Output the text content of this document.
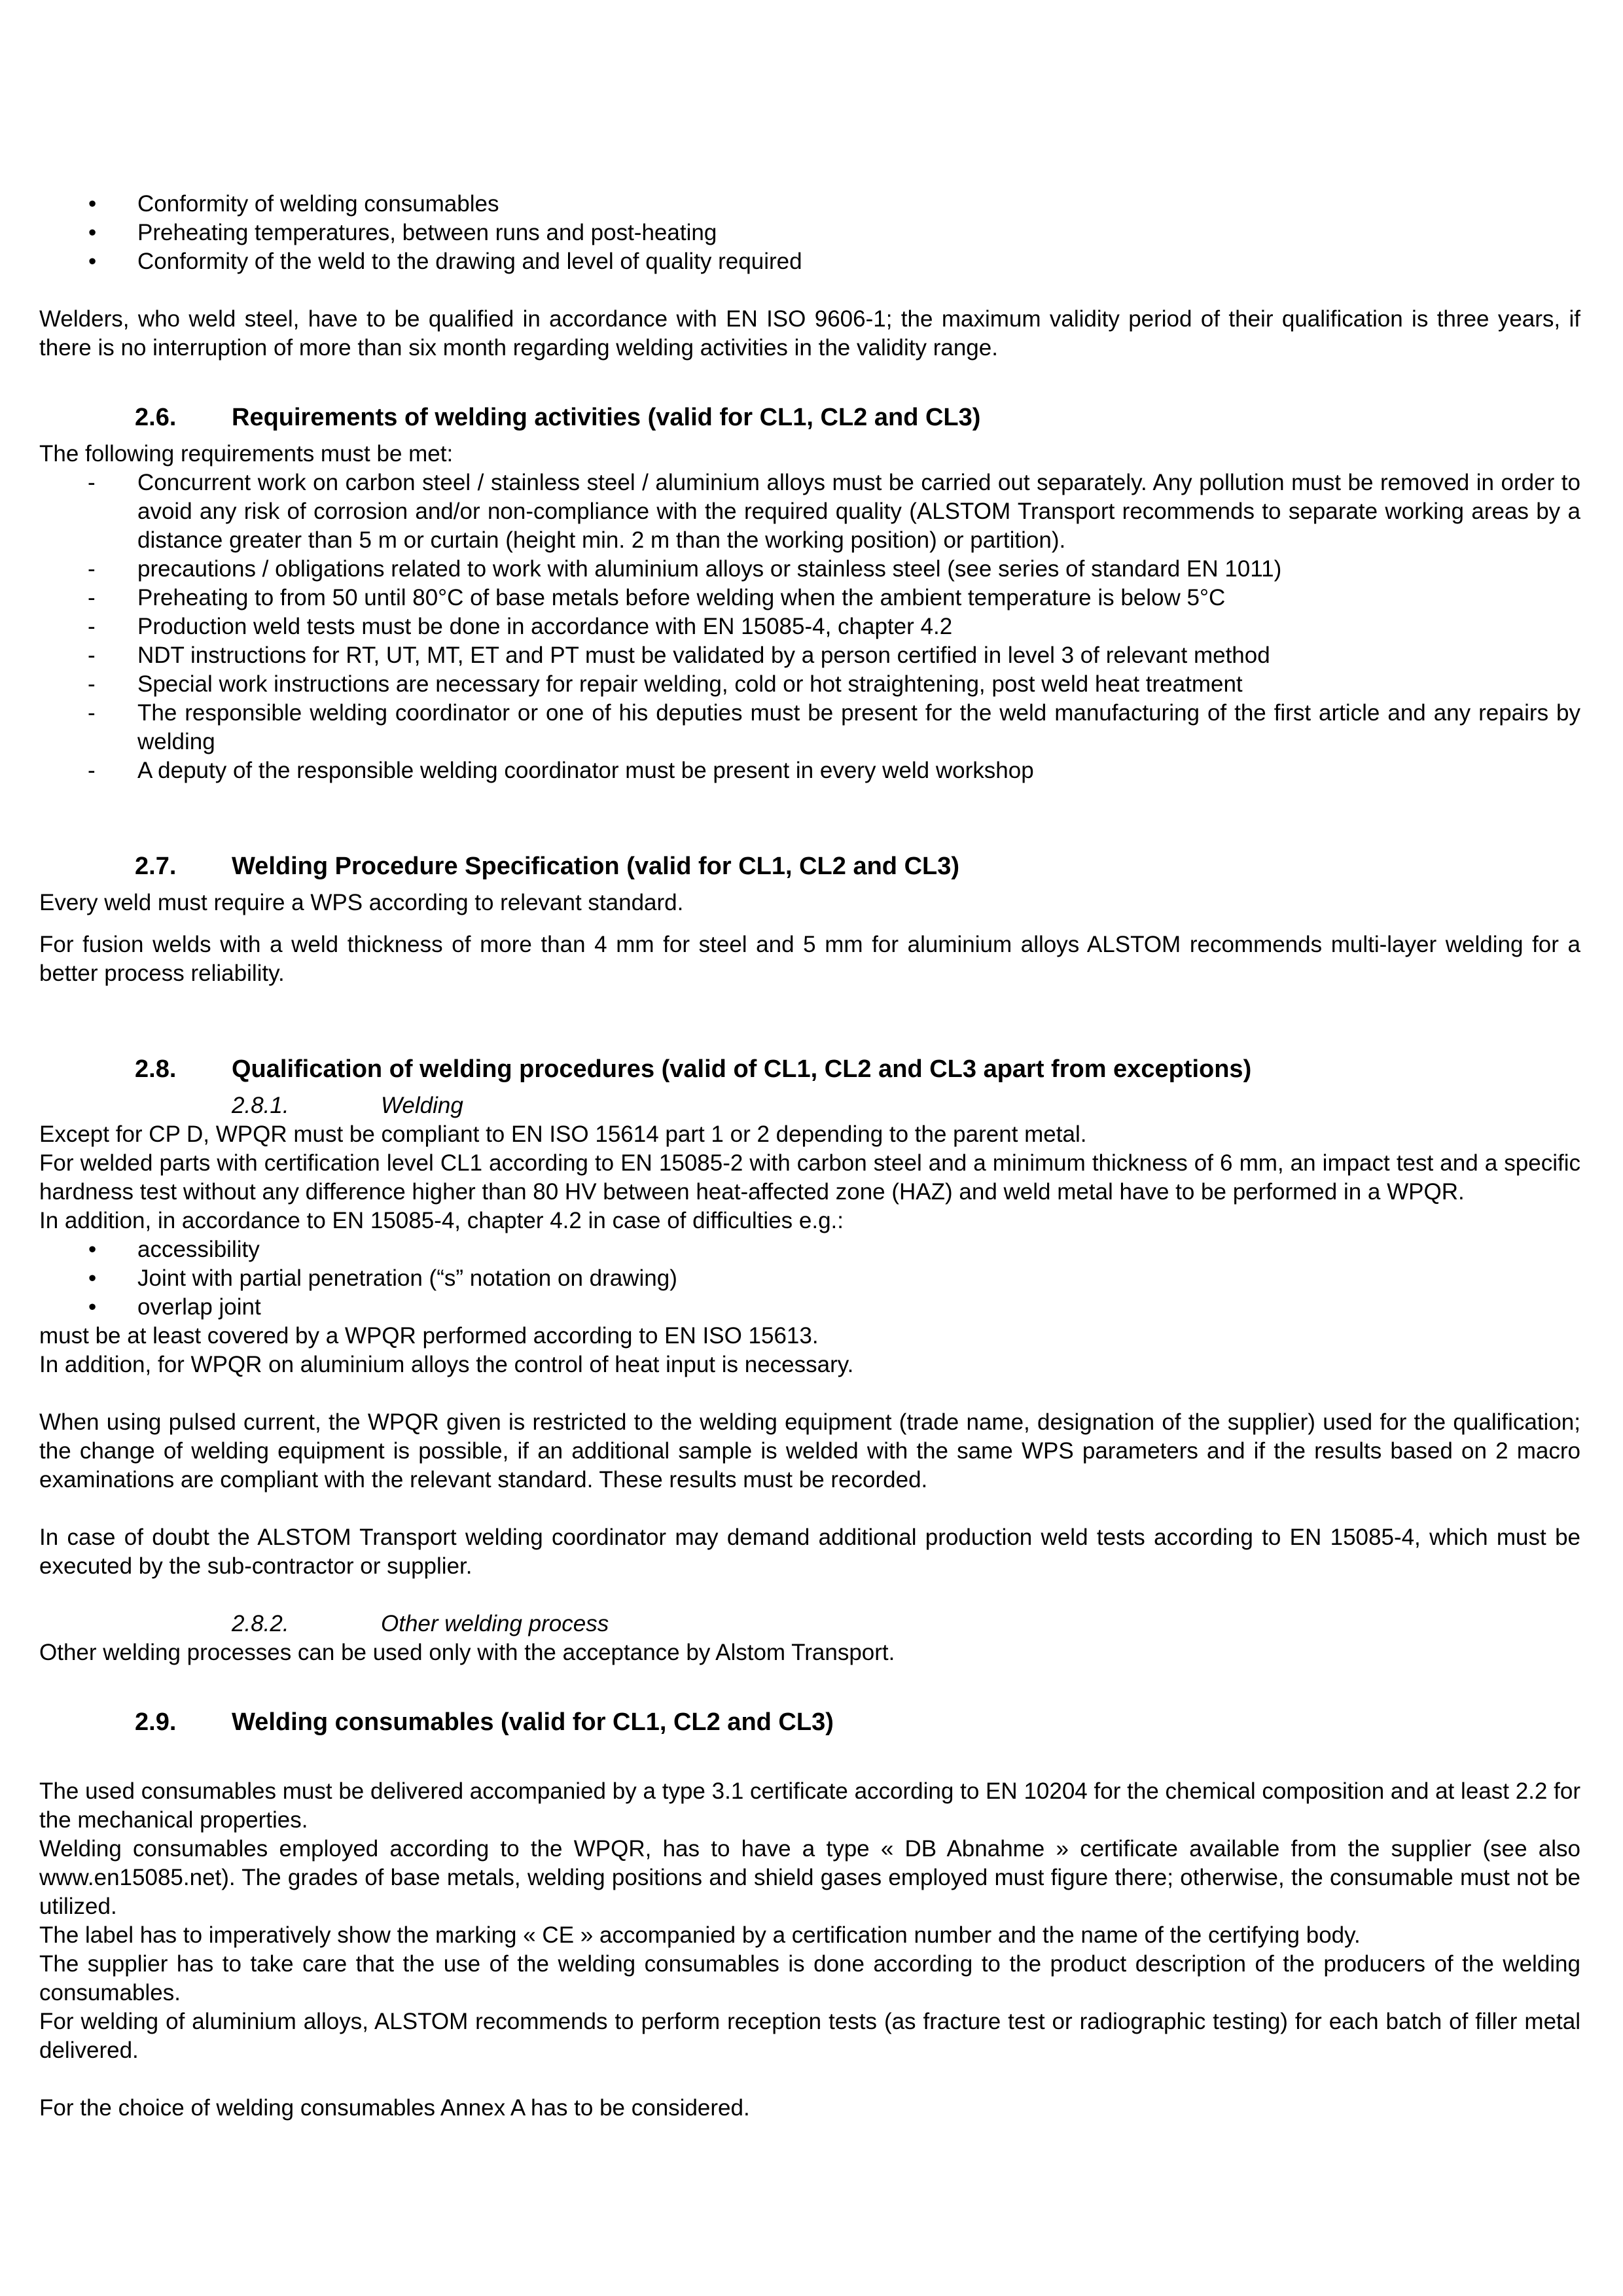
• Conformity of welding consumables
• Preheating temperatures, between runs and post-heating
• Conformity of the weld to the drawing and level of quality required

Welders, who weld steel, have to be qualified in accordance with EN ISO 9606-1; the maximum validity period of their qualification is three years, if there is no interruption of more than six month regarding welding activities in the validity range.

2.6.	Requirements of welding activities (valid for CL1, CL2 and CL3)

The following requirements must be met:

- Concurrent work on carbon steel / stainless steel / aluminium alloys must be carried out separately. Any pollution must be removed in order to avoid any risk of corrosion and/or non-compliance with the required quality (ALSTOM Transport recommends to separate working areas by a distance greater than 5 m or curtain (height min. 2 m than the working position) or partition).
- precautions / obligations related to work with aluminium alloys or stainless steel (see series of standard EN 1011)
- Preheating to from 50 until 80°C of base metals before welding when the ambient temperature is below 5°C
- Production weld tests must be done in accordance with EN 15085-4, chapter 4.2
- NDT instructions for RT, UT, MT, ET and PT must be validated by a person certified in level 3 of relevant method
- Special work instructions are necessary for repair welding, cold or hot straightening, post weld heat treatment
- The responsible welding coordinator or one of his deputies must be present for the weld manufacturing of the first article and any repairs by welding
- A deputy of the responsible welding coordinator must be present in every weld workshop
2.7.	Welding Procedure Specification (valid for CL1, CL2 and CL3)

Every weld must require a WPS according to relevant standard.

For fusion welds with a weld thickness of more than 4 mm for steel and 5 mm for aluminium alloys ALSTOM recommends multi-layer welding for a better process reliability.

2.8.	Qualification of welding procedures (valid of CL1, CL2 and CL3 apart from exceptions)
2.8.1.	Welding

Except for CP D, WPQR must be compliant to EN ISO 15614 part 1 or 2 depending to the parent metal.

For welded parts with certification level CL1 according to EN 15085-2 with carbon steel and a minimum thickness of 6 mm, an impact test and a specific hardness test without any difference higher than 80 HV between heat-affected zone (HAZ) and weld metal have to be performed in a WPQR.

In addition, in accordance to EN 15085-4, chapter 4.2 in case of difficulties e.g.:

• accessibility
• Joint with partial penetration (“s” notation on drawing)
• overlap joint

must be at least covered by a WPQR performed according to EN ISO 15613.

In addition, for WPQR on aluminium alloys the control of heat input is necessary.

When using pulsed current, the WPQR given is restricted to the welding equipment (trade name, designation of the supplier) used for the qualification; the change of welding equipment is possible, if an additional sample is welded with the same WPS parameters and if the results based on 2 macro examinations are compliant with the relevant standard. These results must be recorded.

In case of doubt the ALSTOM Transport welding coordinator may demand additional production weld tests according to EN 15085-4, which must be executed by the sub-contractor or supplier.

2.8.2.	Other welding process

Other welding processes can be used only with the acceptance by Alstom Transport.

2.9.	Welding consumables (valid for CL1, CL2 and CL3)

The used consumables must be delivered accompanied by a type 3.1 certificate according to EN 10204 for the chemical composition and at least 2.2 for the mechanical properties.

Welding consumables employed according to the WPQR, has to have a type « DB Abnahme » certificate available from the supplier (see also www.en15085.net). The grades of base metals, welding positions and shield gases employed must figure there; otherwise, the consumable must not be utilized.

The label has to imperatively show the marking « CE » accompanied by a certification number and the name of the certifying body.

The supplier has to take care that the use of the welding consumables is done according to the product description of the producers of the welding consumables.

For welding of aluminium alloys, ALSTOM recommends to perform reception tests (as fracture test or radiographic testing) for each batch of filler metal delivered.

For the choice of welding consumables Annex A has to be considered.
